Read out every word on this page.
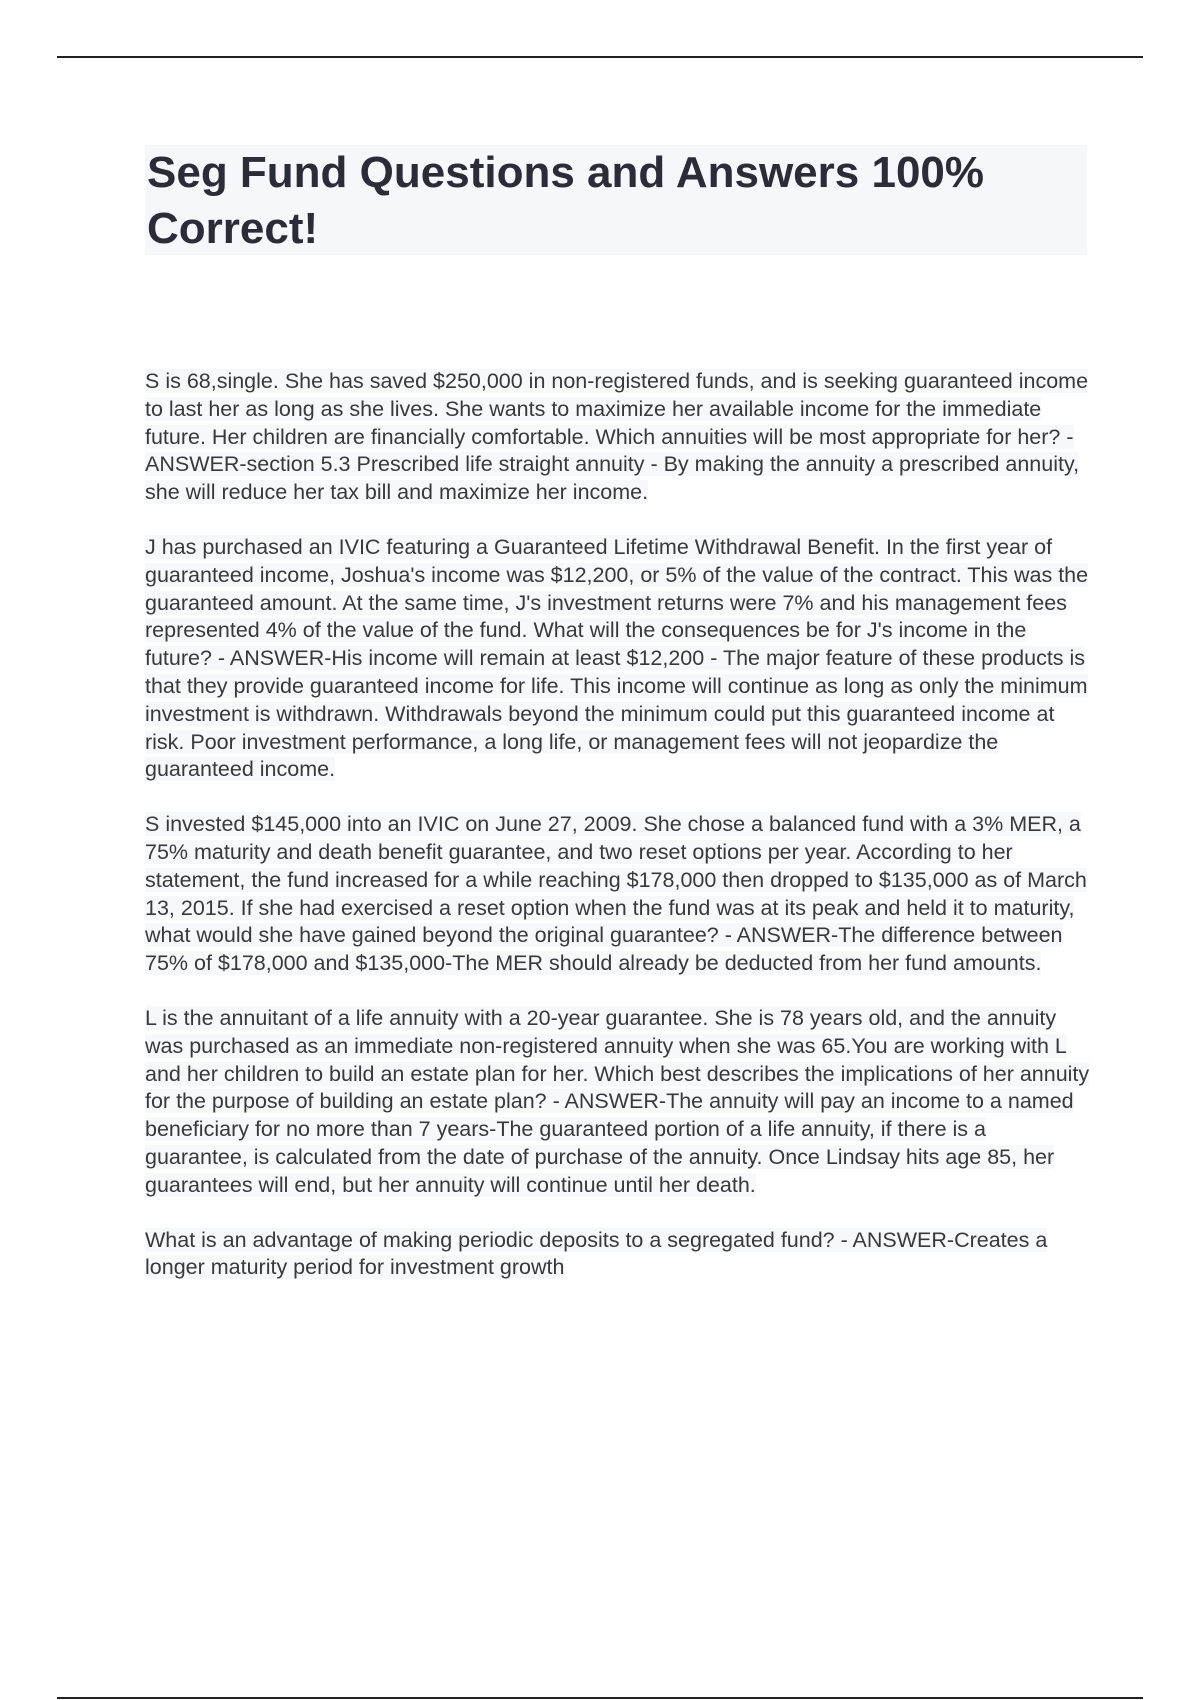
Seg Fund Questions and Answers 100% Correct!

S is 68,single. She has saved $250,000 in non-registered funds, and is seeking guaranteed income to last her as long as she lives. She wants to maximize her available income for the immediate future. Her children are financially comfortable. Which annuities will be most appropriate for her? - ANSWER-section 5.3 Prescribed life straight annuity - By making the annuity a prescribed annuity, she will reduce her tax bill and maximize her income.

J has purchased an IVIC featuring a Guaranteed Lifetime Withdrawal Benefit. In the first year of guaranteed income, Joshua's income was $12,200, or 5% of the value of the contract. This was the guaranteed amount. At the same time, J's investment returns were 7% and his management fees represented 4% of the value of the fund. What will the consequences be for J's income in the future? - ANSWER-His income will remain at least $12,200 - The major feature of these products is that they provide guaranteed income for life. This income will continue as long as only the minimum investment is withdrawn. Withdrawals beyond the minimum could put this guaranteed income at risk. Poor investment performance, a long life, or management fees will not jeopardize the guaranteed income.

S invested $145,000 into an IVIC on June 27, 2009. She chose a balanced fund with a 3% MER, a 75% maturity and death benefit guarantee, and two reset options per year. According to her statement, the fund increased for a while reaching $178,000 then dropped to $135,000 as of March 13, 2015. If she had exercised a reset option when the fund was at its peak and held it to maturity, what would she have gained beyond the original guarantee? - ANSWER-The difference between 75% of $178,000 and $135,000-The MER should already be deducted from her fund amounts.

L is the annuitant of a life annuity with a 20-year guarantee. She is 78 years old, and the annuity was purchased as an immediate non-registered annuity when she was 65.You are working with L and her children to build an estate plan for her. Which best describes the implications of her annuity for the purpose of building an estate plan? - ANSWER-The annuity will pay an income to a named beneficiary for no more than 7 years-The guaranteed portion of a life annuity, if there is a guarantee, is calculated from the date of purchase of the annuity. Once Lindsay hits age 85, her guarantees will end, but her annuity will continue until her death.

What is an advantage of making periodic deposits to a segregated fund? - ANSWER-Creates a longer maturity period for investment growth
